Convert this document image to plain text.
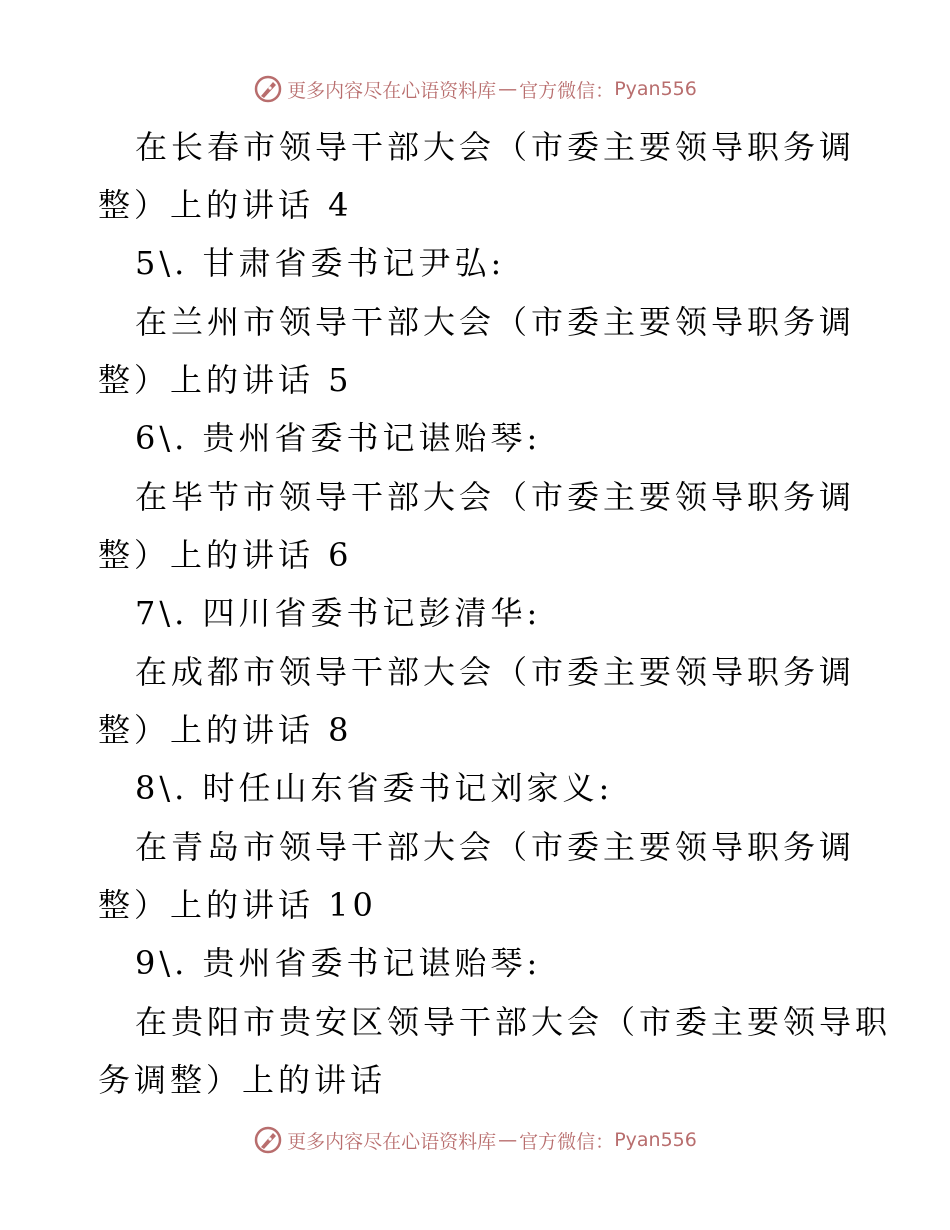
更多内容尽在心语资料库 — 官方微信： Pyan556
在长春市领导干部大会（市委主要领导职务调
整）上的讲话 4
5\. 甘肃省委书记尹弘:
在兰州市领导干部大会（市委主要领导职务调
整）上的讲话 5
6\. 贵州省委书记谌贻琴:
在毕节市领导干部大会（市委主要领导职务调
整）上的讲话 6
7\. 四川省委书记彭清华:
在成都市领导干部大会（市委主要领导职务调
整）上的讲话 8
8\. 时任山东省委书记刘家义:
在青岛市领导干部大会（市委主要领导职务调
整）上的讲话 10
9\. 贵州省委书记谌贻琴:
在贵阳市贵安区领导干部大会（市委主要领导职
务调整）上的讲话
更多内容尽在心语资料库 — 官方微信： Pyan556
